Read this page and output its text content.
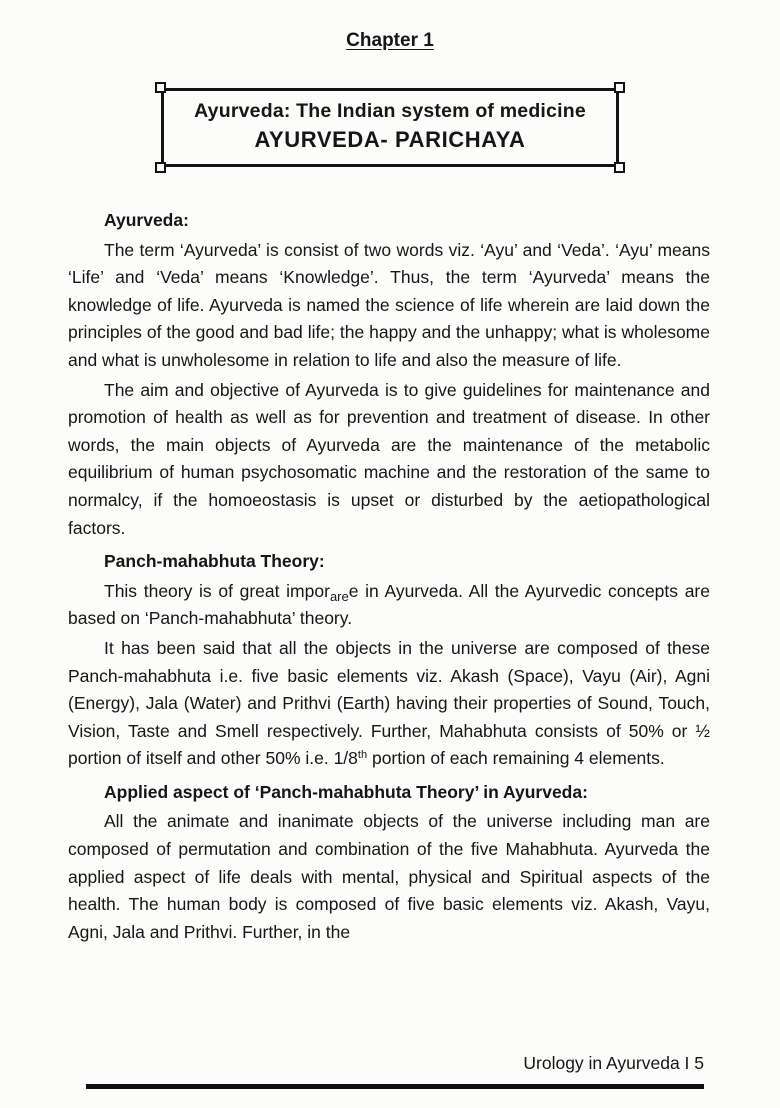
Chapter 1
Ayurveda: The Indian system of medicine
AYURVEDA- PARICHAYA
Ayurveda:

The term ‘Ayurveda’ is consist of two words viz. ‘Ayu’ and ‘Veda’. ‘Ayu’ means ‘Life’ and ‘Veda’ means ‘Knowledge’. Thus, the term ‘Ayurveda’ means the knowledge of life. Ayurveda is named the science of life wherein are laid down the principles of the good and bad life; the happy and the unhappy; what is wholesome and what is unwholesome in relation to life and also the measure of life.

The aim and objective of Ayurveda is to give guidelines for maintenance and promotion of health as well as for prevention and treatment of disease. In other words, the main objects of Ayurveda are the maintenance of the metabolic equilibrium of human psychosomatic machine and the restoration of the same to normalcy, if the homoeostasis is upset or disturbed by the aetiopathological factors.

Panch-mahabhuta Theory:

This theory is of great impor$_{are}$e in Ayurveda. All the Ayurvedic concepts are based on ‘Panch-mahabhuta’ theory.

It has been said that all the objects in the universe are composed of these Panch-mahabhuta i.e. five basic elements viz. Akash (Space), Vayu (Air), Agni (Energy), Jala (Water) and Prithvi (Earth) having their properties of Sound, Touch, Vision, Taste and Smell respectively. Further, Mahabhuta consists of 50% or ½ portion of itself and other 50% i.e. 1/8th portion of each remaining 4 elements.

Applied aspect of ‘Panch-mahabhuta Theory’ in Ayurveda:

All the animate and inanimate objects of the universe including man are composed of permutation and combination of the five Mahabhuta. Ayurveda the applied aspect of life deals with mental, physical and Spiritual aspects of the health. The human body is composed of five basic elements viz. Akash, Vayu, Agni, Jala and Prithvi. Further, in the

Urology in Ayurveda I 5
